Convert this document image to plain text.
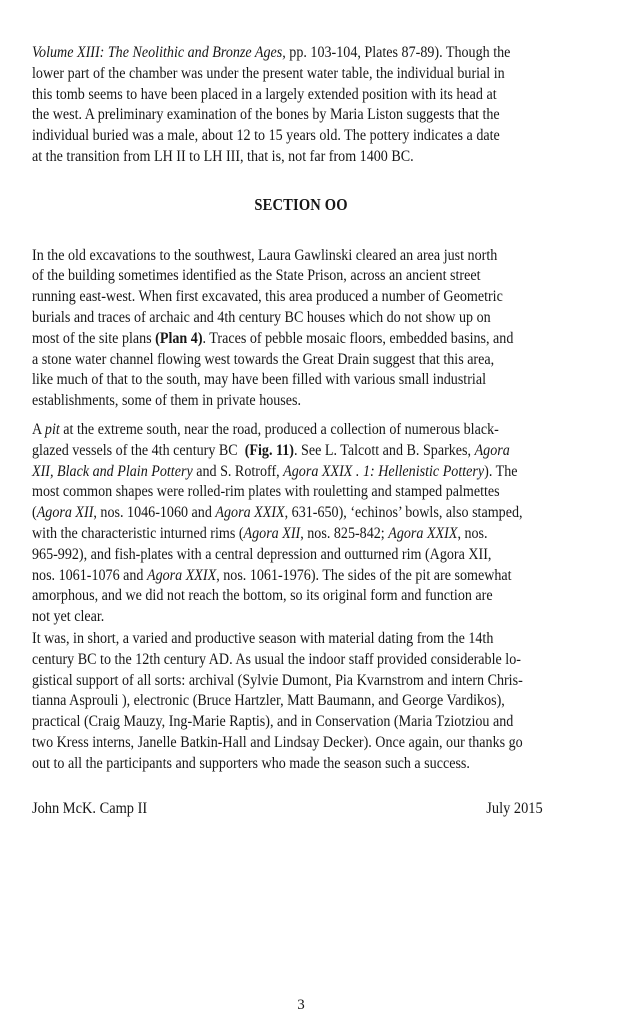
Volume XIII: The Neolithic and Bronze Ages, pp. 103-104, Plates 87-89). Though the
lower part of the chamber was under the present water table, the individual burial in
this tomb seems to have been placed in a largely extended position with its head at
the west. A preliminary examination of the bones by Maria Liston suggests that the
individual buried was a male, about 12 to 15 years old. The pottery indicates a date
at the transition from LH II to LH III, that is, not far from 1400 BC.
SECTION OO
In the old excavations to the southwest, Laura Gawlinski cleared an area just north
of the building sometimes identified as the State Prison, across an ancient street
running east-west. When first excavated, this area produced a number of Geometric
burials and traces of archaic and 4th century BC houses which do not show up on
most of the site plans (Plan 4). Traces of pebble mosaic floors, embedded basins, and
a stone water channel flowing west towards the Great Drain suggest that this area,
like much of that to the south, may have been filled with various small industrial
establishments, some of them in private houses.
A pit at the extreme south, near the road, produced a collection of numerous black-
glazed vessels of the 4th century BC  (Fig. 11). See L. Talcott and B. Sparkes, Agora
XII, Black and Plain Pottery and S. Rotroff, Agora XXIX . 1: Hellenistic Pottery). The
most common shapes were rolled-rim plates with rouletting and stamped palmettes
(Agora XII, nos. 1046-1060 and Agora XXIX, 631-650), ‘echinos’ bowls, also stamped,
with the characteristic inturned rims (Agora XII, nos. 825-842; Agora XXIX, nos.
965-992), and fish-plates with a central depression and outturned rim (Agora XII,
nos. 1061-1076 and Agora XXIX, nos. 1061-1976). The sides of the pit are somewhat
amorphous, and we did not reach the bottom, so its original form and function are
not yet clear.
It was, in short, a varied and productive season with material dating from the 14th
century BC to the 12th century AD. As usual the indoor staff provided considerable lo-
gistical support of all sorts: archival (Sylvie Dumont, Pia Kvarnstrom and intern Chris-
tianna Asprouli ), electronic (Bruce Hartzler, Matt Baumann, and George Vardikos),
practical (Craig Mauzy, Ing-Marie Raptis), and in Conservation (Maria Tziotziou and
two Kress interns, Janelle Batkin-Hall and Lindsay Decker). Once again, our thanks go
out to all the participants and supporters who made the season such a success.
John McK. Camp II	July 2015
3
